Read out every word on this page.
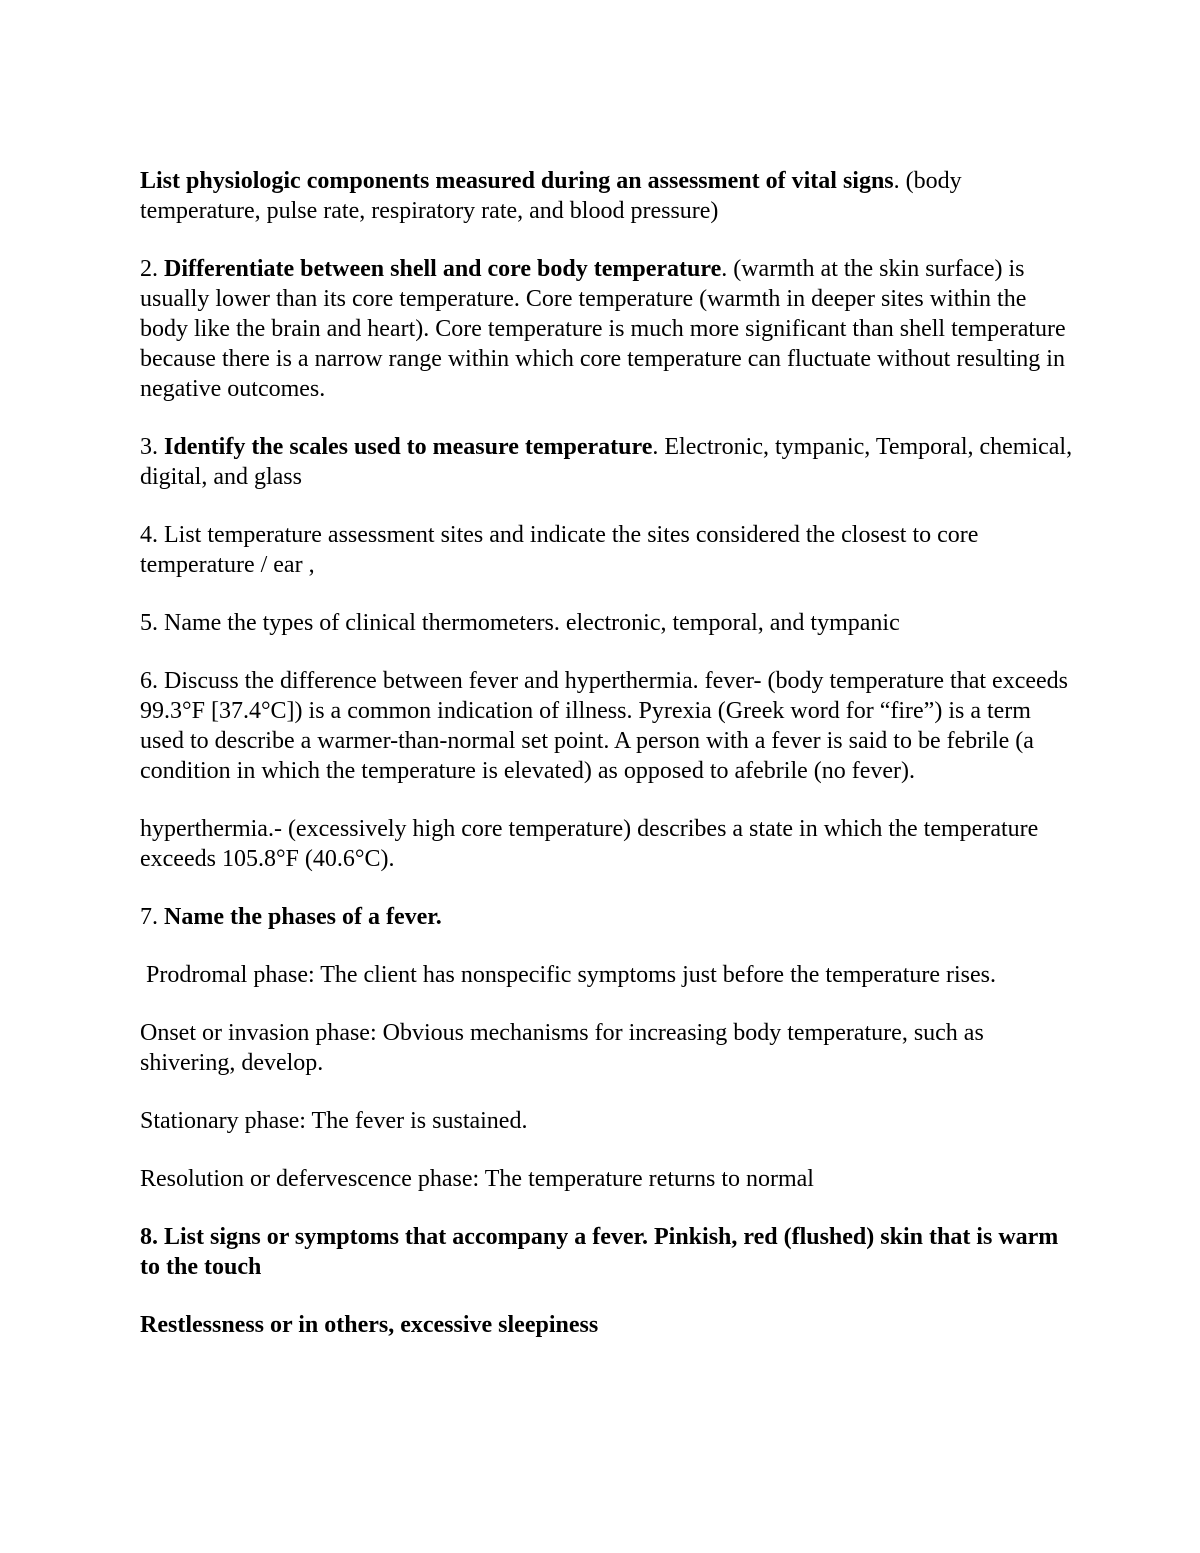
List physiologic components measured during an assessment of vital signs. (body temperature, pulse rate, respiratory rate, and blood pressure)

2. Differentiate between shell and core body temperature. (warmth at the skin surface) is usually lower than its core temperature. Core temperature (warmth in deeper sites within the body like the brain and heart). Core temperature is much more significant than shell temperature because there is a narrow range within which core temperature can fluctuate without resulting in negative outcomes.

3. Identify the scales used to measure temperature. Electronic, tympanic, Temporal, chemical, digital, and glass

4. List temperature assessment sites and indicate the sites considered the closest to core temperature / ear ,

5. Name the types of clinical thermometers. electronic, temporal, and tympanic

6. Discuss the difference between fever and hyperthermia. fever- (body temperature that exceeds 99.3°F [37.4°C]) is a common indication of illness. Pyrexia (Greek word for “fire”) is a term used to describe a warmer-than-normal set point. A person with a fever is said to be febrile (a condition in which the temperature is elevated) as opposed to afebrile (no fever).

hyperthermia.- (excessively high core temperature) describes a state in which the temperature exceeds 105.8°F (40.6°C).

7. Name the phases of a fever.

Prodromal phase: The client has nonspecific symptoms just before the temperature rises.

Onset or invasion phase: Obvious mechanisms for increasing body temperature, such as shivering, develop.

Stationary phase: The fever is sustained.

Resolution or defervescence phase: The temperature returns to normal

8. List signs or symptoms that accompany a fever. Pinkish, red (flushed) skin that is warm to the touch

Restlessness or in others, excessive sleepiness
